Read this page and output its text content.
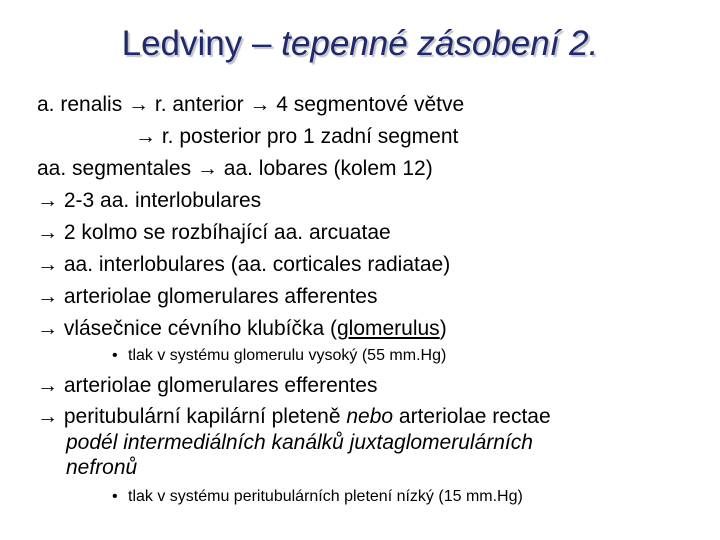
Ledviny – tepenné zásobení 2.
a. renalis → r. anterior → 4 segmentové větve
→ r. posterior pro 1 zadní segment
aa. segmentales → aa. lobares (kolem 12)
→ 2-3 aa. interlobulares
→ 2 kolmo se rozbíhající aa. arcuatae
→ aa. interlobulares (aa. corticales radiatae)
→ arteriolae glomerulares afferentes
→ vlásečnice cévního klubíčka (glomerulus)
• tlak v systému glomerulu vysoký (55 mm.Hg)
→ arteriolae glomerulares efferentes
→ peritubulární kapilární pleteně nebo arteriolae rectae
podél intermediálních kanálků juxtaglomerulárních
nefronů
• tlak v systému peritubulárních pletení nízký (15 mm.Hg)
